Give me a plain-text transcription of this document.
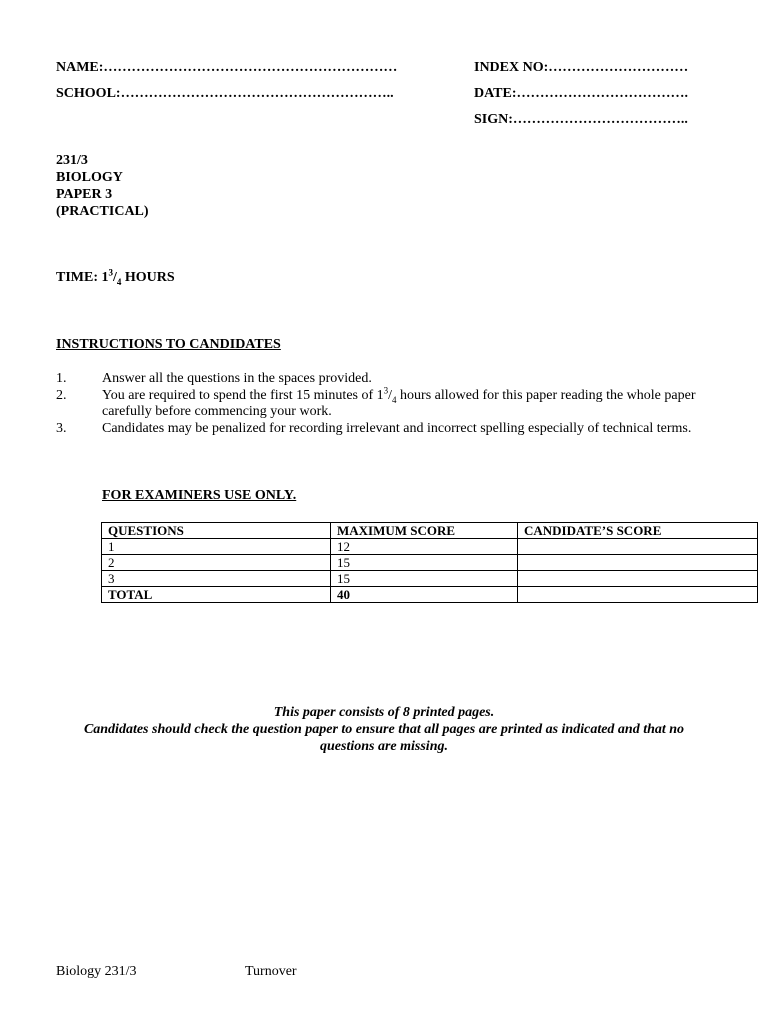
NAME:………………………………………………………
SCHOOL:…………………………………………………..
INDEX NO:…………………………
DATE:……………………………….
SIGN:………………………………..
231/3
BIOLOGY
PAPER 3
(PRACTICAL)
TIME: $1^3/_4$ HOURS
INSTRUCTIONS TO CANDIDATES
1.	Answer all the questions in the spaces provided.
2.	You are required to spend the first 15 minutes of $1^3/_4$ hours allowed for this paper reading the whole paper carefully before commencing your work.
3.	Candidates may be penalized for recording irrelevant and incorrect spelling especially of technical terms.
FOR EXAMINERS USE ONLY.
QUESTIONS	MAXIMUM SCORE	CANDIDATE’S SCORE
1	12	
2	15	
3	15	
TOTAL	40	
This paper consists of 8 printed pages.
Candidates should check the question paper to ensure that all pages are printed as indicated and that no questions are missing.
Biology 231/3	Turnover
